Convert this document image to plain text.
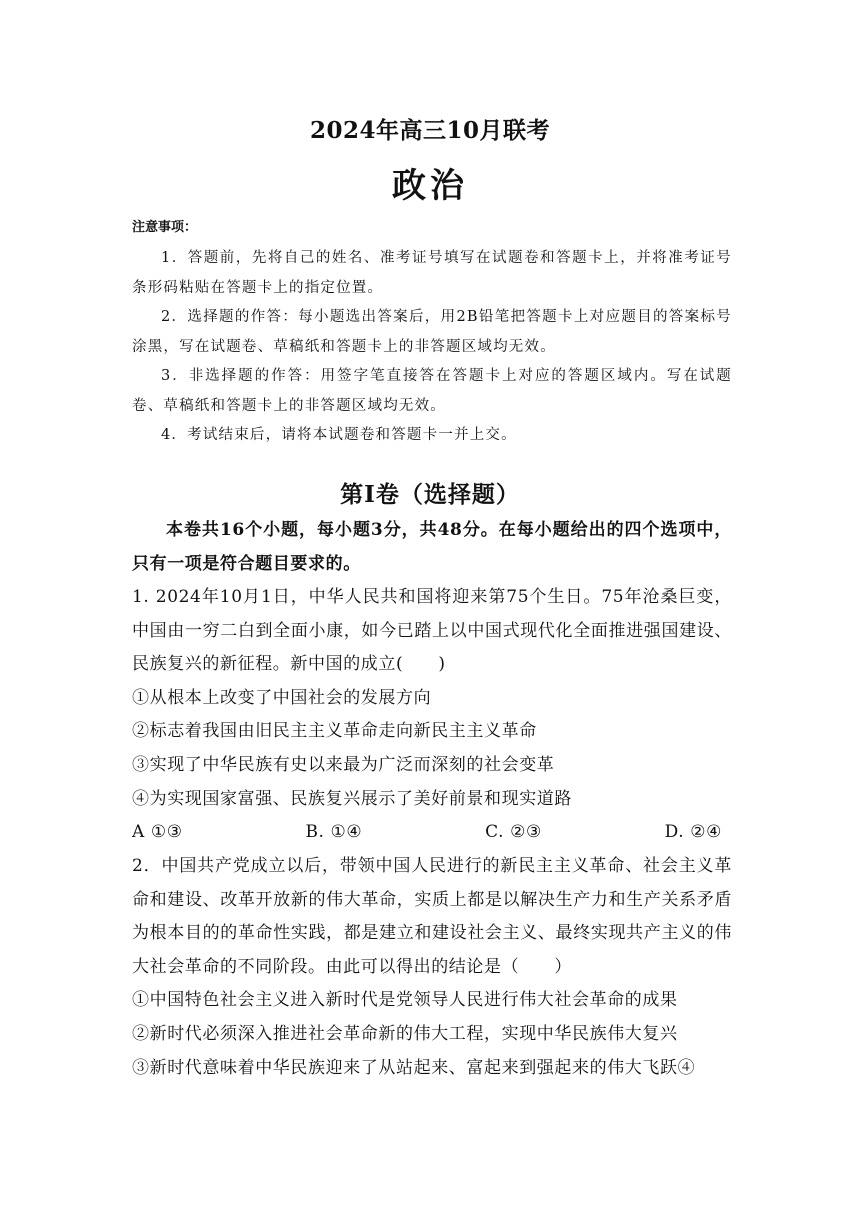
2024年高三10月联考
政治
注意事项：

1．答题前，先将自己的姓名、准考证号填写在试题卷和答题卡上，并将准考证号条形码粘贴在答题卡上的指定位置。

2．选择题的作答：每小题选出答案后，用2B铅笔把答题卡上对应题目的答案标号涂黑，写在试题卷、草稿纸和答题卡上的非答题区域均无效。

3．非选择题的作答：用签字笔直接答在答题卡上对应的答题区域内。写在试题卷、草稿纸和答题卡上的非答题区域均无效。

4．考试结束后，请将本试题卷和答题卡一并上交。

第Ⅰ卷（选择题）
本卷共16个小题，每小题3分，共48分。在每小题给出的四个选项中，只有一项是符合题目要求的。

1. 2024年10月1日，中华人民共和国将迎来第75个生日。75年沧桑巨变，中国由一穷二白到全面小康，如今已踏上以中国式现代化全面推进强国建设、民族复兴的新征程。新中国的成立(　　)

①从根本上改变了中国社会的发展方向

②标志着我国由旧民主主义革命走向新民主主义革命

③实现了中华民族有史以来最为广泛而深刻的社会变革

④为实现国家富强、民族复兴展示了美好前景和现实道路

A ①③	B. ①④	C. ②③	D. ②④

2．中国共产党成立以后，带领中国人民进行的新民主主义革命、社会主义革命和建设、改革开放新的伟大革命，实质上都是以解决生产力和生产关系矛盾为根本目的的革命性实践，都是建立和建设社会主义、最终实现共产主义的伟大社会革命的不同阶段。由此可以得出的结论是（　　）

①中国特色社会主义进入新时代是党领导人民进行伟大社会革命的成果

②新时代必须深入推进社会革命新的伟大工程，实现中华民族伟大复兴

③新时代意味着中华民族迎来了从站起来、富起来到强起来的伟大飞跃④
